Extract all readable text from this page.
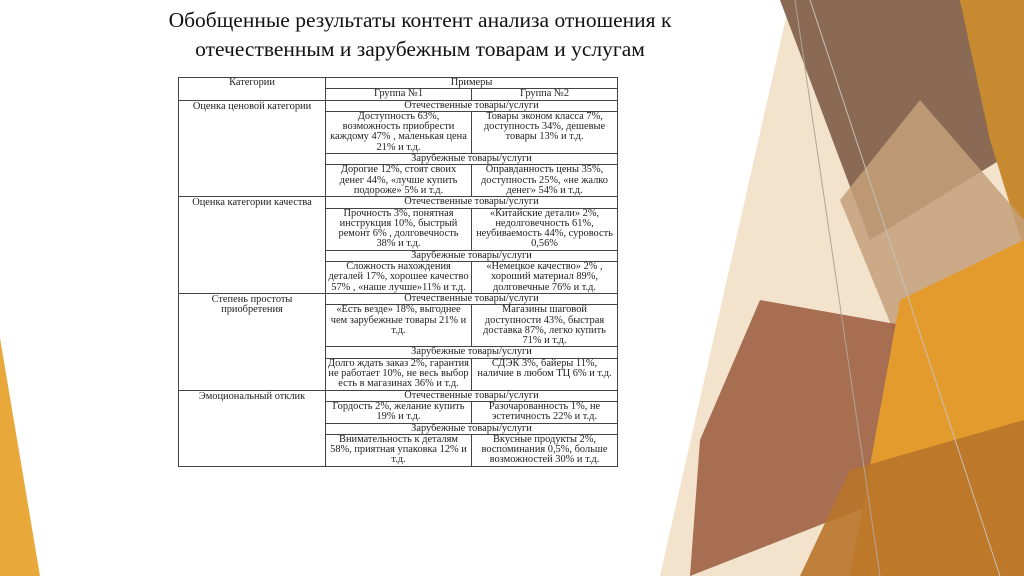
Обобщенные результаты контент анализа отношения к
отечественным и зарубежным товарам и услугам
Категории	Примеры	
	Группа №1	Группа №2
Оценка ценовой категории	Отечественные товары/услуги	
	Доступность 63%, возможность приобрести каждому 47% , маленькая цена 21% и т.д.	Товары эконом класса 7%, доступность 34%, дешевые товары 13% и т.д.
	Зарубежные товары/услуги	
	Дорогие 12%, стоят своих денег 44%, «лучше купить подороже» 5% и т.д.	Оправданность цены 35%, доступность 25%, «не жалко денег» 54% и т.д.
Оценка категории качества	Отечественные товары/услуги	
	Прочность 3%, понятная инструкция 10%, быстрый ремонт 6% , долговечность 38% и т.д.	«Китайские детали» 2%, недолговечность 61%, неубиваемость 44%, суровость 0,56%
	Зарубежные товары/услуги	
	Сложность нахождения деталей 17%, хорошее качество 57% , «наше лучше»11% и т.д.	«Немецкое качество» 2% , хороший материал 89%, долговечные 76% и т.д.
Степень простоты приобретения	Отечественные товары/услуги	
	«Есть везде» 18%, выгоднее чем зарубежные товары 21% и т.д.	Магазины шаговой доступности 43%, быстрая доставка 87%, легко купить 71% и т.д.
	Зарубежные товары/услуги	
	Долго ждать заказ 2%, гарантия не работает 10%, не весь выбор есть в магазинах 36% и т.д.	СДЭК 3%, байеры 11%, наличие в любом ТЦ 6% и т.д.
Эмоциональный отклик	Отечественные товары/услуги	
	Гордость 2%, желание купить 19% и т.д.	Разочарованность 1%, не эстетичность 22% и т.д.
	Зарубежные товары/услуги	
	Внимательность к деталям 58%, приятная упаковка 12% и т.д.	Вкусные продукты 2%, воспоминания 0,5%, больше возможностей 30% и т.д.
